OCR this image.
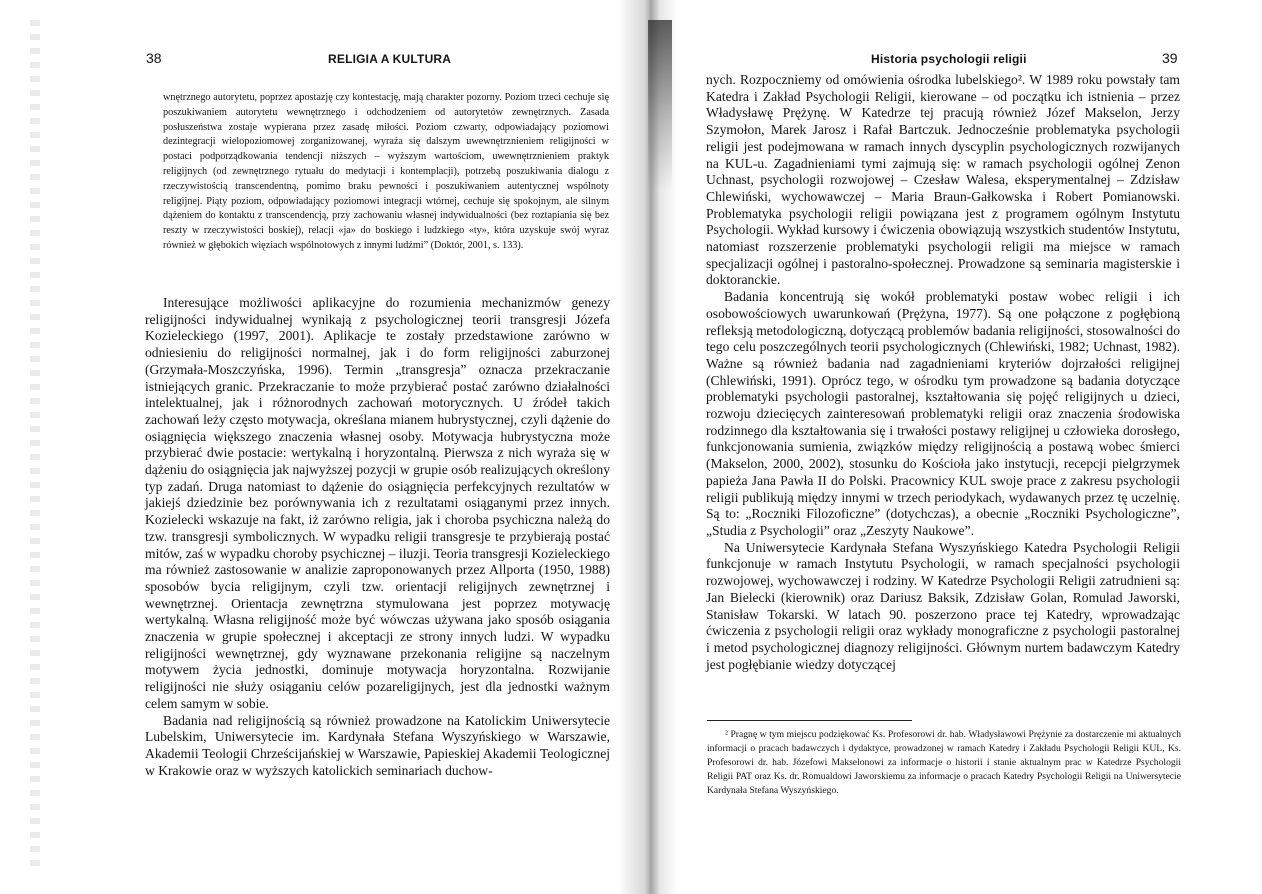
38	RELIGIA A KULTURA

wnętrznego autorytetu, poprzez apostazję czy kontestację, mają charakter pozorny. Poziom trzeci cechuje się poszukiwaniem autorytetu wewnętrznego i odchodzeniem od autorytetów zewnętrznych. Zasada posłuszeństwa zostaje wypierana przez zasadę miłości. Poziom czwarty, odpowiadający poziomowi dezintegracji wielopoziomowej zorganizowanej, wyraża się dalszym uwewnętrznieniem religijności w postaci podporządkowania tendencji niższych – wyższym wartościom, uwewnętrznieniem praktyk religijnych (od zewnętrznego rytuału do medytacji i kontemplacji), potrzebą poszukiwania dialogu z rzeczywistością transcendentną, pomimo braku pewności i poszukiwaniem autentycznej wspólnoty religijnej. Piąty poziom, odpowiadający poziomowi integracji wtórnej, cechuje się spokojnym, ale silnym dążeniem do kontaktu z transcendencją, przy zachowaniu własnej indywidualności (bez roztapiania się bez reszty w rzeczywistości boskiej), relacji «ja» do boskiego i ludzkiego «ty», która uzyskuje swój wyraz również w głębokich więziach wspólnotowych z innymi ludźmi” (Doktór, 2001, s. 133).

Interesujące możliwości aplikacyjne do rozumienia mechanizmów genezy religijności indywidualnej wynikają z psychologicznej teorii transgresji Józefa Kozieleckiego (1997, 2001). Aplikacje te zostały przedstawione zarówno w odniesieniu do religijności normalnej, jak i do form religijności zaburzonej (Grzymała-Moszczyńska, 1996). Termin „transgresja” oznacza przekraczanie istniejących granic. Przekraczanie to może przybierać postać zarówno działalności intelektualnej, jak i różnorodnych zachowań motorycznych. U źródeł takich zachowań leży często motywacja, określana mianem hubrystycznej, czyli dążenie do osiągnięcia większego znaczenia własnej osoby. Motywacja hubrystyczna może przybierać dwie postacie: wertykalną i horyzontalną. Pierwsza z nich wyraża się w dążeniu do osiągnięcia jak najwyższej pozycji w grupie osób realizujących określony typ zadań. Druga natomiast to dążenie do osiągnięcia perfekcyjnych rezultatów w jakiejś dziedzinie bez porównywania ich z rezultatami osiąganymi przez innych. Kozielecki wskazuje na fakt, iż zarówno religia, jak i choroba psychiczna należą do tzw. transgresji symbolicznych. W wypadku religii transgresje te przybierają postać mitów, zaś w wypadku choroby psychicznej – iluzji. Teoria transgresji Kozieleckiego ma również zastosowanie w analizie zaproponowanych przez Allporta (1950, 1988) sposobów bycia religijnym, czyli tzw. orientacji religijnych zewnętrznej i wewnętrznej. Orientacja zewnętrzna stymulowana jest poprzez motywację wertykalną. Własna religijność może być wówczas używana jako sposób osiągania znaczenia w grupie społecznej i akceptacji ze strony innych ludzi. W wypadku religijności wewnętrznej, gdy wyznawane przekonania religijne są naczelnym motywem życia jednostki, dominuje motywacja horyzontalna. Rozwijanie religijności nie służy osiąganiu celów pozareligijnych, jest dla jednostki ważnym celem samym w sobie.

Badania nad religijnością są również prowadzone na Katolickim Uniwersytecie Lubelskim, Uniwersytecie im. Kardynała Stefana Wyszyńskiego w Warszawie, Akademii Teologii Chrześcijańskiej w Warszawie, Papieskiej Akademii Teologicznej w Krakowie oraz w wyższych katolickich seminariach duchow-

Historia psychologii religii	39

nych. Rozpoczniemy od omówienia ośrodka lubelskiego². W 1989 roku powstały tam Katedra i Zakład Psychologii Religii, kierowane – od początku ich istnienia – przez Władysławę Prężynę. W Katedrze tej pracują również Józef Makselon, Jerzy Szymołon, Marek Jarosz i Rafał Bartczuk. Jednocześnie problematyka psychologii religii jest podejmowana w ramach innych dyscyplin psychologicznych rozwijanych na KUL-u. Zagadnieniami tymi zajmują się: w ramach psychologii ogólnej Zenon Uchnast, psychologii rozwojowej – Czesław Walesa, eksperymentalnej – Zdzisław Chlewiński, wychowawczej – Maria Braun-Gałkowska i Robert Pomianowski. Problematyka psychologii religii powiązana jest z programem ogólnym Instytutu Psychologii. Wykład kursowy i ćwiczenia obowiązują wszystkich studentów Instytutu, natomiast rozszerzenie problematyki psychologii religii ma miejsce w ramach specjalizacji ogólnej i pastoralno-społecznej. Prowadzone są seminaria magisterskie i doktoranckie.

Badania koncentrują się wokół problematyki postaw wobec religii i ich osobowościowych uwarunkowań (Prężyna, 1977). Są one połączone z pogłębioną refleksją metodologiczną, dotyczącą problemów badania religijności, stosowalności do tego celu poszczególnych teorii psychologicznych (Chlewiński, 1982; Uchnast, 1982). Ważne są również badania nad zagadnieniami kryteriów dojrzałości religijnej (Chlewiński, 1991). Oprócz tego, w ośrodku tym prowadzone są badania dotyczące problematyki psychologii pastoralnej, kształtowania się pojęć religijnych u dzieci, rozwoju dziecięcych zainteresowań problematyki religii oraz znaczenia środowiska rodzinnego dla kształtowania się i trwałości postawy religijnej u człowieka dorosłego, funkcjonowania sumienia, związków między religijnością a postawą wobec śmierci (Makselon, 2000, 2002), stosunku do Kościoła jako instytucji, recepcji pielgrzymek papieża Jana Pawła II do Polski. Pracownicy KUL swoje prace z zakresu psychologii religii publikują między innymi w trzech periodykach, wydawanych przez tę uczelnię. Są to: „Roczniki Filozoficzne” (dotychczas), a obecnie „Roczniki Psychologiczne”, „Studia z Psychologii” oraz „Zeszyty Naukowe”.

Na Uniwersytecie Kardynała Stefana Wyszyńskiego Katedra Psychologii Religii funkcjonuje w ramach Instytutu Psychologii, w ramach specjalności psychologii rozwojowej, wychowawczej i rodziny. W Katedrze Psychologii Religii zatrudnieni są: Jan Bielecki (kierownik) oraz Dariusz Baksik, Zdzisław Golan, Romulad Jaworski, Stanisław Tokarski. W latach 90. poszerzono prace tej Katedry, wprowadzając ćwiczenia z psychologii religii oraz wykłady monograficzne z psychologii pastoralnej i metod psychologicznej diagnozy religijności. Głównym nurtem badawczym Katedry jest pogłębianie wiedzy dotyczącej

² Pragnę w tym miejscu podziękować Ks. Profesorowi dr. hab. Władysławowi Prężynie za dostarczenie mi aktualnych informacji o pracach badawczych i dydaktyce, prowadzonej w ramach Katedry i Zakładu Psychologii Religii KUL, Ks. Profesorowi dr. hab. Józefowi Makselonowi za informacje o historii i stanie aktualnym prac w Katedrze Psychologii Religii PAT oraz Ks. dr. Romualdowi Jaworskiemu za informacje o pracach Katedry Psychologii Religii na Uniwersytecie Kardynała Stefana Wyszyńskiego.
